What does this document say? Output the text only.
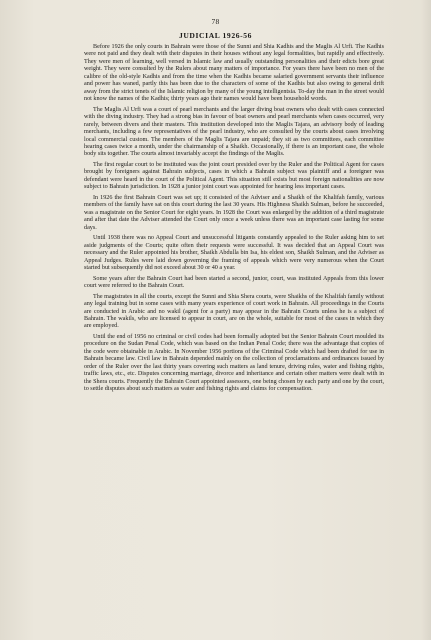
78
JUDICIAL 1926-56

Before 1926 the only courts in Bahrain were those of the Sunni and Shia Kadhis and the Maglis Al Urfi. The Kadhis were not paid and they dealt with their disputes in their houses without any legal formalities, but rapidly and effectively. They were men of learning, well versed in Islamic law and usually outstanding personalities and their edicts bore great weight. They were consulted by the Rulers about many matters of importance. For years there have been no men of the calibre of the old-style Kadhis and from the time when the Kadhis became salaried government servants their influence and power has waned, partly this has been due to the characters of some of the Kadhis but also owing to general drift away from the strict tenets of the Islamic religion by many of the young intelligentsia. To-day the man in the street would not know the names of the Kadhis; thirty years ago their names would have been household words.

The Maglis Al Urfi was a court of pearl merchants and the larger diving boat owners who dealt with cases connected with the diving industry. They had a strong bias in favour of boat owners and pearl merchants when cases occurred, very rarely, between divers and their masters. This institution developed into the Maglis Tajara, an advisory body of leading merchants, including a few representatives of the pearl industry, who are consulted by the courts about cases involving local commercial custom. The members of the Maglis Tajara are unpaid; they sit as two committees, each committee hearing cases twice a month, under the chairmanship of a Shaikh. Occasionally, if there is an important case, the whole body sits together. The courts almost invariably accept the findings of the Maglis.

The first regular court to be instituted was the joint court presided over by the Ruler and the Political Agent for cases brought by foreigners against Bahrain subjects, cases in which a Bahrain subject was plaintiff and a foreigner was defendant were heard in the court of the Political Agent. This situation still exists but most foreign nationalities are now subject to Bahrain jurisdiction. In 1928 a junior joint court was appointed for hearing less important cases.

In 1926 the first Bahrain Court was set up; it consisted of the Adviser and a Shaikh of the Khalifah family, various members of the family have sat on this court during the last 30 years. His Highness Shaikh Sulman, before he succeeded, was a magistrate on the Senior Court for eight years. In 1928 the Court was enlarged by the addition of a third magistrate and after that date the Adviser attended the Court only once a week unless there was an important case lasting for some days.

Until 1938 there was no Appeal Court and unsuccessful litigants constantly appealed to the Ruler asking him to set aside judgments of the Courts; quite often their requests were successful. It was decided that an Appeal Court was necessary and the Ruler appointed his brother, Shaikh Abdulla bin Isa, his eldest son, Shaikh Sulman, and the Adviser as Appeal Judges. Rules were laid down governing the framing of appeals which were very numerous when the Court started but subsequently did not exceed about 30 or 40 a year.

Some years after the Bahrain Court had been started a second, junior, court, was instituted Appeals from this lower court were referred to the Bahrain Court.

The magistrates in all the courts, except the Sunni and Shia Shera courts, were Shaikhs of the Khalifah family without any legal training but in some cases with many years experience of court work in Bahrain. All proceedings in the Courts are conducted in Arabic and no wakil (agent for a party) may appear in the Bahrain Courts unless he is a subject of Bahrain. The wakils, who are licensed to appear in court, are on the whole, suitable for most of the cases in which they are employed.

Until the end of 1956 no criminal or civil codes had been formally adopted but the Senior Bahrain Court moulded its procedure on the Sudan Penal Code, which was based on the Indian Penal Code; there was the advantage that copies of the code were obtainable in Arabic. In November 1956 portions of the Criminal Code which had been drafted for use in Bahrain became law. Civil law in Bahrain depended mainly on the collection of proclamations and ordinances issued by order of the Ruler over the last thirty years covering such matters as land tenure, driving rules, water and fishing rights, traffic laws, etc., etc. Disputes concerning marriage, divorce and inheritance and certain other matters were dealt with in the Shera courts. Frequently the Bahrain Court appointed assessors, one being chosen by each party and one by the court, to settle disputes about such matters as water and fishing rights and claims for compensation.
